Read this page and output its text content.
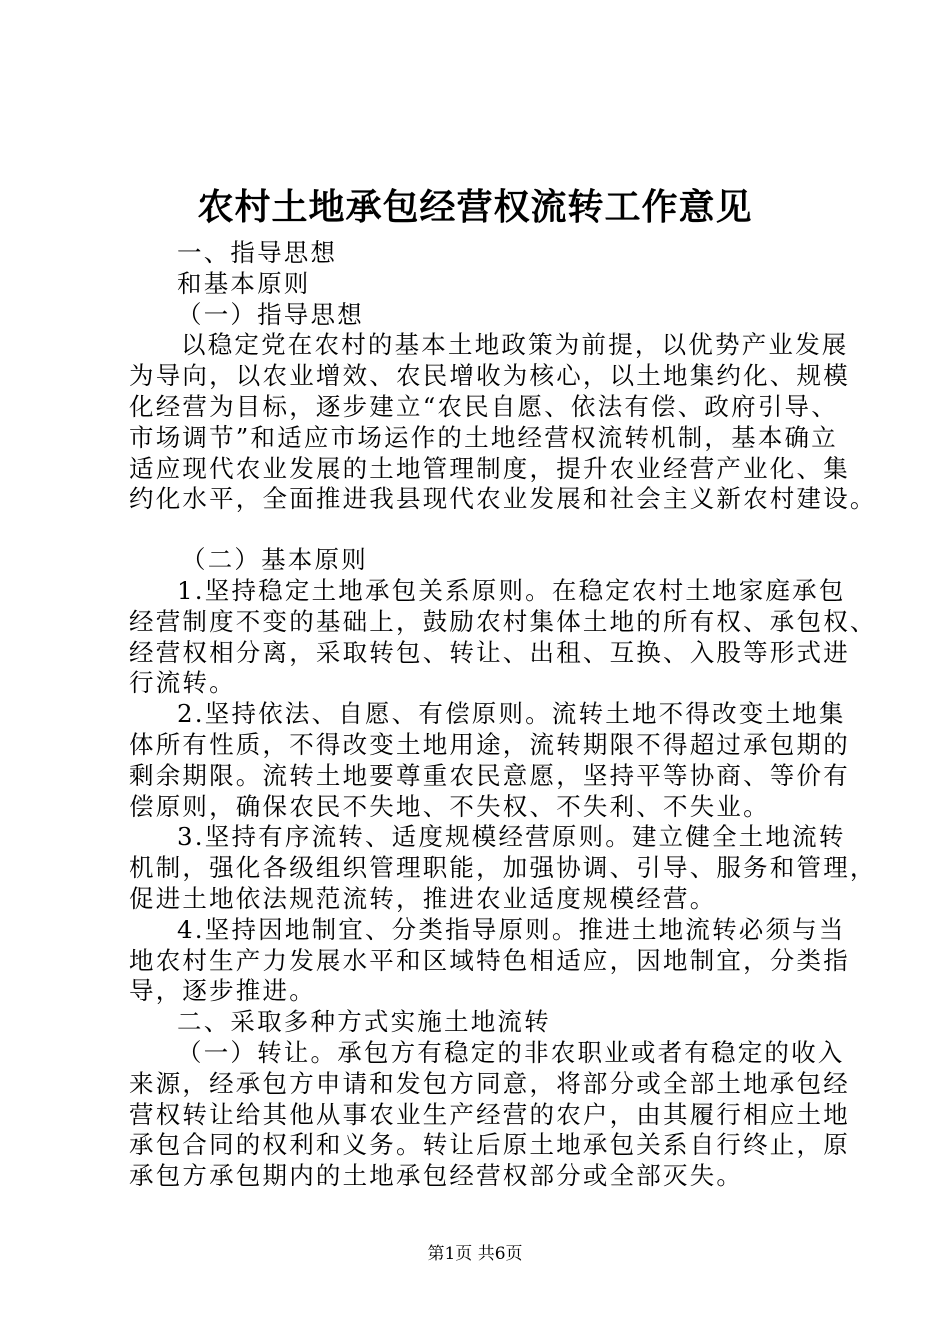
农村土地承包经营权流转工作意见
一、指导思想
和基本原则
（一）指导思想
以稳定党在农村的基本土地政策为前提，以优势产业发展
为导向，以农业增效、农民增收为核心，以土地集约化、规模
化经营为目标，逐步建立“农民自愿、依法有偿、政府引导、
市场调节”和适应市场运作的土地经营权流转机制，基本确立
适应现代农业发展的土地管理制度，提升农业经营产业化、集
约化水平，全面推进我县现代农业发展和社会主义新农村建设。
（二）基本原则
1.坚持稳定土地承包关系原则。在稳定农村土地家庭承包
经营制度不变的基础上，鼓励农村集体土地的所有权、承包权、
经营权相分离，采取转包、转让、出租、互换、入股等形式进
行流转。
2.坚持依法、自愿、有偿原则。流转土地不得改变土地集
体所有性质，不得改变土地用途，流转期限不得超过承包期的
剩余期限。流转土地要尊重农民意愿，坚持平等协商、等价有
偿原则，确保农民不失地、不失权、不失利、不失业。
3.坚持有序流转、适度规模经营原则。建立健全土地流转
机制，强化各级组织管理职能，加强协调、引导、服务和管理，
促进土地依法规范流转，推进农业适度规模经营。
4.坚持因地制宜、分类指导原则。推进土地流转必须与当
地农村生产力发展水平和区域特色相适应，因地制宜，分类指
导，逐步推进。
二、采取多种方式实施土地流转
（一）转让。承包方有稳定的非农职业或者有稳定的收入
来源，经承包方申请和发包方同意，将部分或全部土地承包经
营权转让给其他从事农业生产经营的农户，由其履行相应土地
承包合同的权利和义务。转让后原土地承包关系自行终止，原
承包方承包期内的土地承包经营权部分或全部灭失。
第1页 共6页
